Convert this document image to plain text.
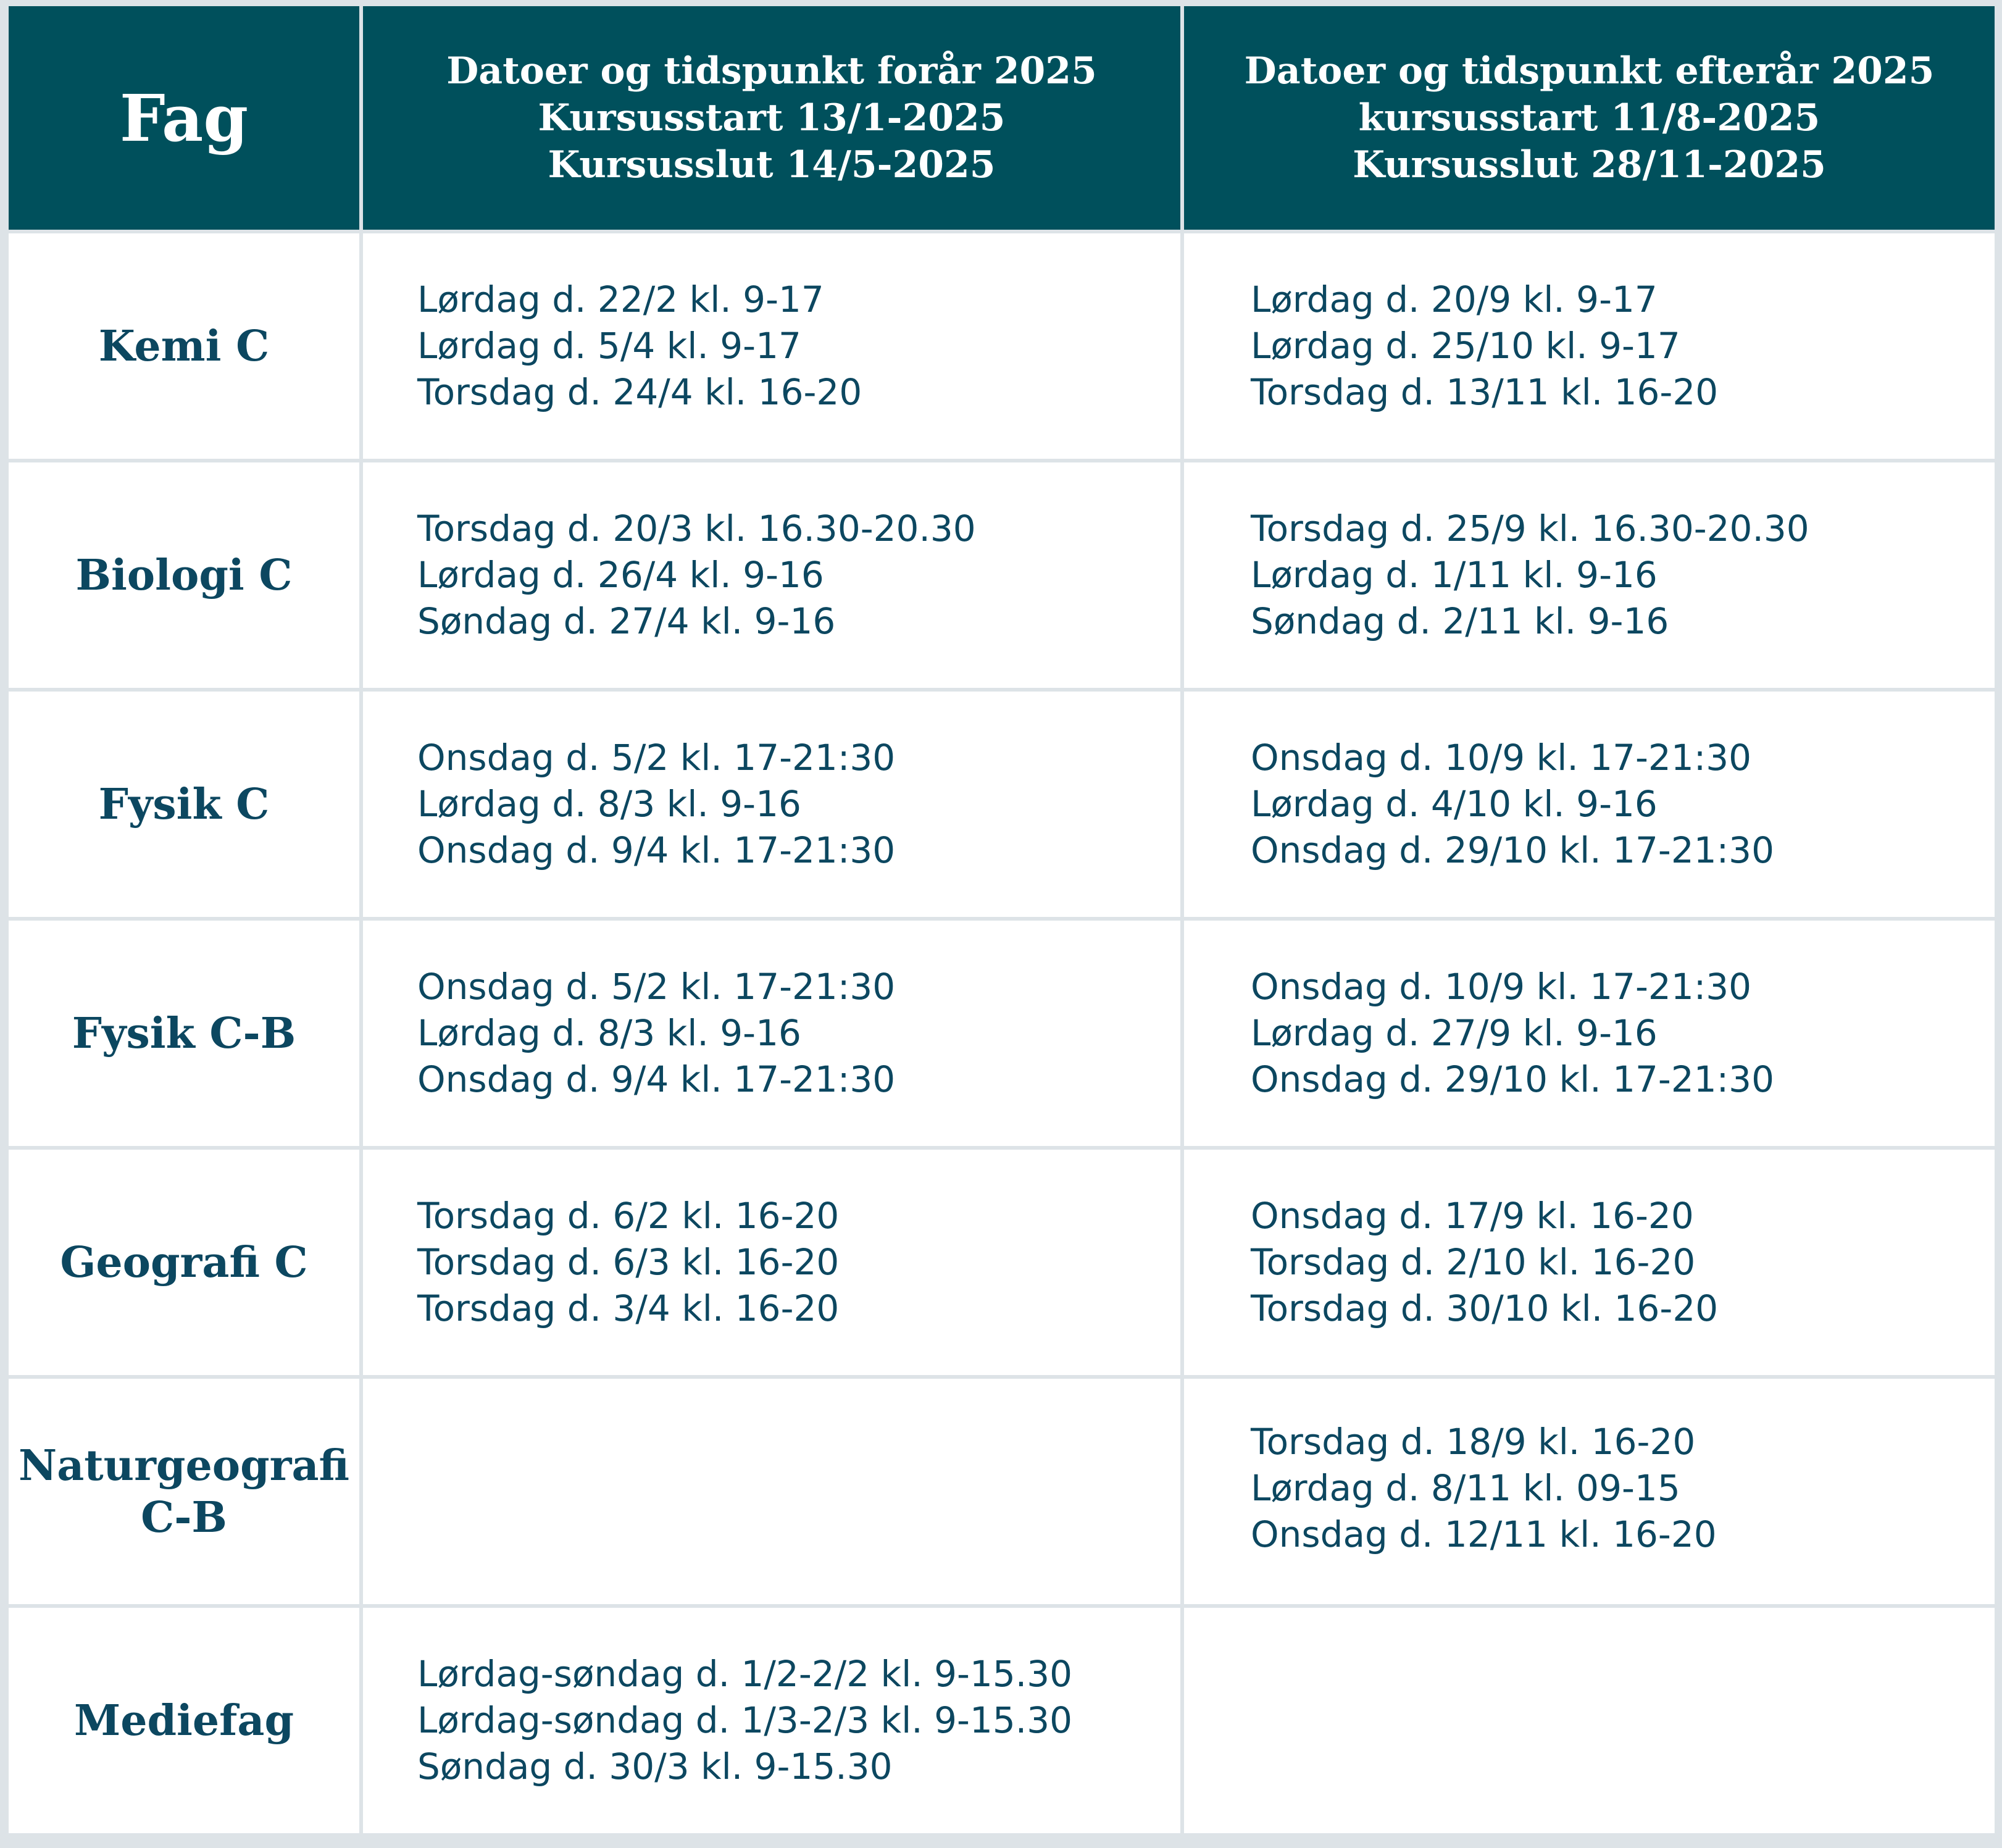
Fag
Datoer og tidspunkt forår 2025
Kursusstart 13/1-2025
Kursusslut 14/5-2025
Datoer og tidspunkt efterår 2025
kursusstart 11/8-2025
Kursusslut 28/11-2025
Kemi C
Lørdag d. 22/2 kl. 9-17
Lørdag d. 5/4 kl. 9-17
Torsdag d. 24/4 kl. 16-20
Lørdag d. 20/9 kl. 9-17
Lørdag d. 25/10 kl. 9-17
Torsdag d. 13/11 kl. 16-20
Biologi C
Torsdag d. 20/3 kl. 16.30-20.30
Lørdag d. 26/4 kl. 9-16
Søndag d. 27/4 kl. 9-16
Torsdag d. 25/9 kl. 16.30-20.30
Lørdag d. 1/11 kl. 9-16
Søndag d. 2/11 kl. 9-16
Fysik C
Onsdag d. 5/2 kl. 17-21:30
Lørdag d. 8/3 kl. 9-16
Onsdag d. 9/4 kl. 17-21:30
Onsdag d. 10/9 kl. 17-21:30
Lørdag d. 4/10 kl. 9-16
Onsdag d. 29/10 kl. 17-21:30
Fysik C-B
Onsdag d. 5/2 kl. 17-21:30
Lørdag d. 8/3 kl. 9-16
Onsdag d. 9/4 kl. 17-21:30
Onsdag d. 10/9 kl. 17-21:30
Lørdag d. 27/9 kl. 9-16
Onsdag d. 29/10 kl. 17-21:30
Geografi C
Torsdag d. 6/2 kl. 16-20
Torsdag d. 6/3 kl. 16-20
Torsdag d. 3/4 kl. 16-20
Onsdag d. 17/9 kl. 16-20
Torsdag d. 2/10 kl. 16-20
Torsdag d. 30/10 kl. 16-20
Naturgeografi
C-B
Torsdag d. 18/9 kl. 16-20
Lørdag d. 8/11 kl. 09-15
Onsdag d. 12/11 kl. 16-20
Mediefag
Lørdag-søndag d. 1/2-2/2 kl. 9-15.30
Lørdag-søndag d. 1/3-2/3 kl. 9-15.30
Søndag d. 30/3 kl. 9-15.30
